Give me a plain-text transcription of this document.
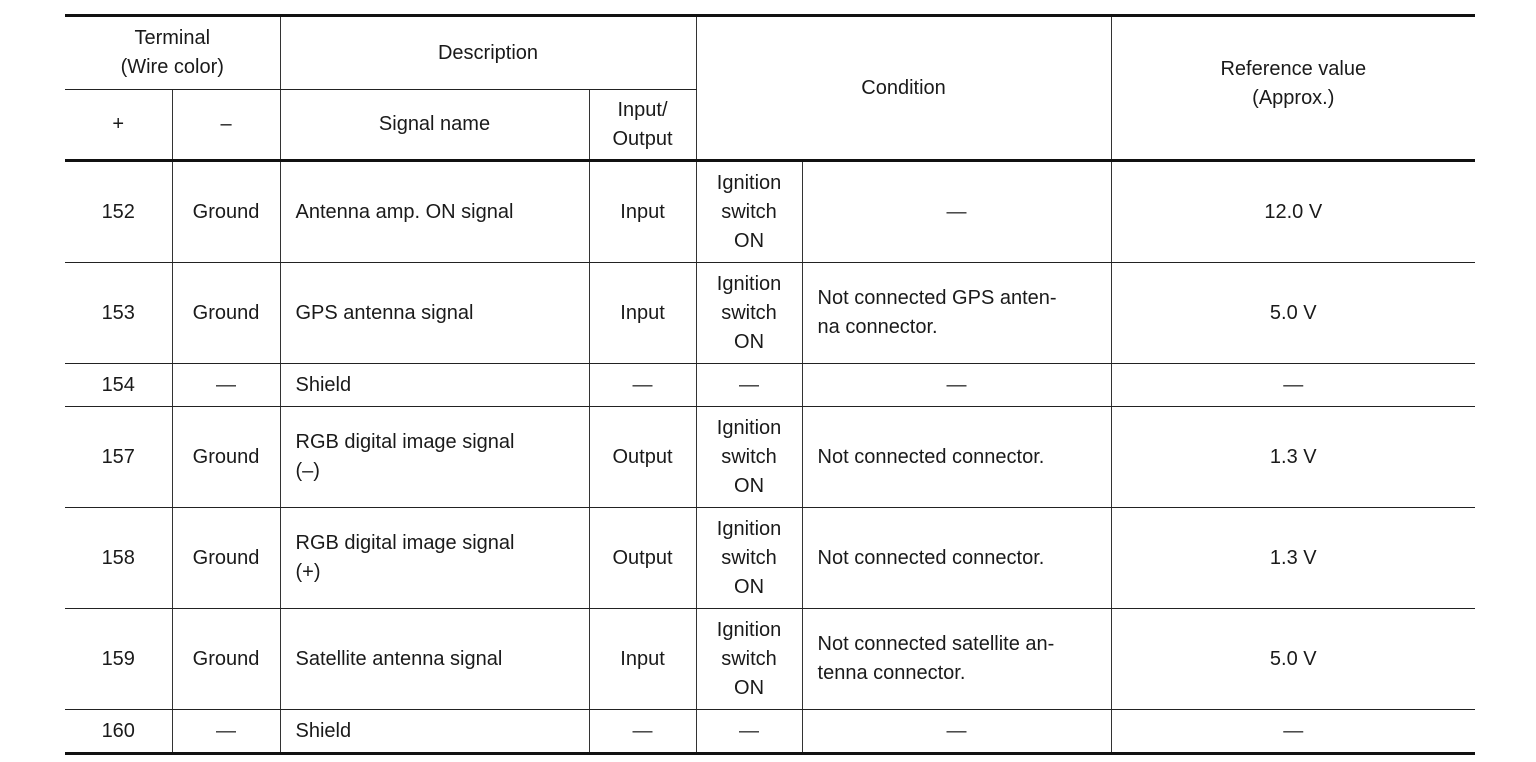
Terminal
(Wire color)		Description		Condition		Reference value
(Approx.)
+	–	Signal name	Input/
Output			
152	Ground	Antenna amp. ON signal	Input	Ignition
switch
ON	—	12.0 V
153	Ground	GPS antenna signal	Input	Ignition
switch
ON	Not connected GPS anten-
na connector.	5.0 V
154	—	Shield	—	—	—	—
157	Ground	RGB digital image signal
(–)	Output	Ignition
switch
ON	Not connected connector.	1.3 V
158	Ground	RGB digital image signal
(+)	Output	Ignition
switch
ON	Not connected connector.	1.3 V
159	Ground	Satellite antenna signal	Input	Ignition
switch
ON	Not connected satellite an-
tenna connector.	5.0 V
160	—	Shield	—	—	—	—
